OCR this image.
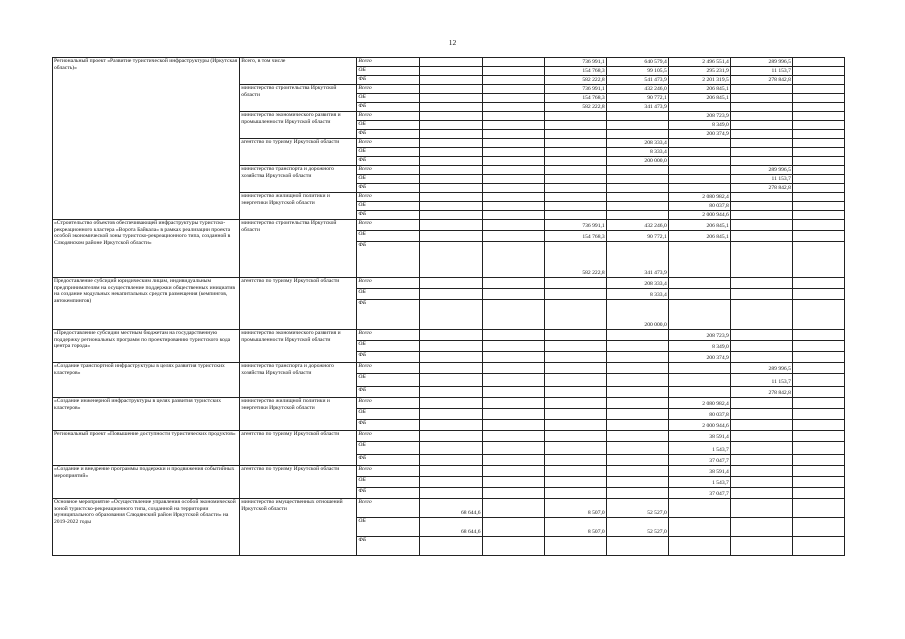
12
Региональный проект «Развитие туристической инфраструктуры (Иркутская область)»	Всего, в том числе	Всего			736 991,1	640 579,4	2 496 551,4	289 996,5	
		ОБ			154 768,3	99 105,5	295 231,9	11 153,7	
		ФБ			582 222,8	541 473,9	2 201 319,5	278 842,8	
	министерство строительства Иркутской области	Всего			736 991,1	432 246,0	206 845,1		
		ОБ			154 768,3	90 772,1	206 845,1		
		ФБ			582 222,8	341 473,9			
	министерство экономического развития и промышленности Иркутской области	Всего					208 723,9		
		ОБ					8 349,0		
		ФБ					200 374,9		
	агентство по туризму Иркутской области	Всего				208 333,4			
		ОБ				8 333,4			
		ФБ				200 000,0			
	министерство транспорта и дорожного хозяйства Иркутской области	Всего						289 996,5	
		ОБ						11 153,7	
		ФБ						278 842,8	
	министерство жилищной политики и энергетики Иркутской области	Всего					2 080 982,4		
		ОБ					80 037,8		
		ФБ					2 000 944,6		
«Строительство объектов обеспечивающей инфраструктуры туристско-рекреационного кластера «Ворота Байкала» в рамках реализации проекта особой экономической зоны туристско-рекреационного типа, созданной в Слюдянском районе Иркутской области»	министерство строительства Иркутской области	Всего			736 991,1	432 246,0	206 845,1		
		ОБ			154 768,3	90 772,1	206 845,1		
		ФБ			582 222,8	341 473,9			
Предоставление субсидий юридическим лицам, индивидуальным предпринимателям на осуществление поддержки общественных инициатив на создание модульных некапитальных средств размещения (кемпингов, автокемпингов)	агентство по туризму Иркутской области	Всего				208 333,4			
		ОБ				8 333,4			
		ФБ				200 000,0			
«Предоставление субсидии местным бюджетам на государственную поддержку региональных программ по проектированию туристского кода центра города»	министерство экономического развития и промышленности Иркутской области	Всего					208 723,9		
		ОБ					8 349,0		
		ФБ					200 374,9		
«Создание транспортной инфраструктуры в целях развития туристских кластеров»	министерство транспорта и дорожного хозяйства Иркутской области	Всего						289 996,5	
		ОБ						11 153,7	
		ФБ						278 842,8	
«Создание инженерной инфраструктуры в целях развития туристских кластеров»	министерство жилищной политики и энергетики Иркутской области	Всего					2 080 982,4		
		ОБ					80 037,8		
		ФБ					2 000 944,6		
Региональный проект «Повышение доступности туристических продуктов»	агентство по туризму Иркутской области	Всего					38 591,4		
		ОБ					1 543,7		
		ФБ					37 047,7		
«Создание и внедрение программы поддержки и продвижения событийных мероприятий»	агентство по туризму Иркутской области	Всего					38 591,4		
		ОБ					1 543,7		
		ФБ					37 047,7		
Основное мероприятие «Осуществление управления особой экономической зоной туристско-рекреационного типа, созданной на территории муниципального образования Слюдянский район Иркутской области» на 2019-2022 годы	министерство имущественных отношений Иркутской области	Всего	68 644,6		8 507,0	52 527,0			
		ОБ	68 644,6		8 507,0	52 527,0			
		ФБ							
